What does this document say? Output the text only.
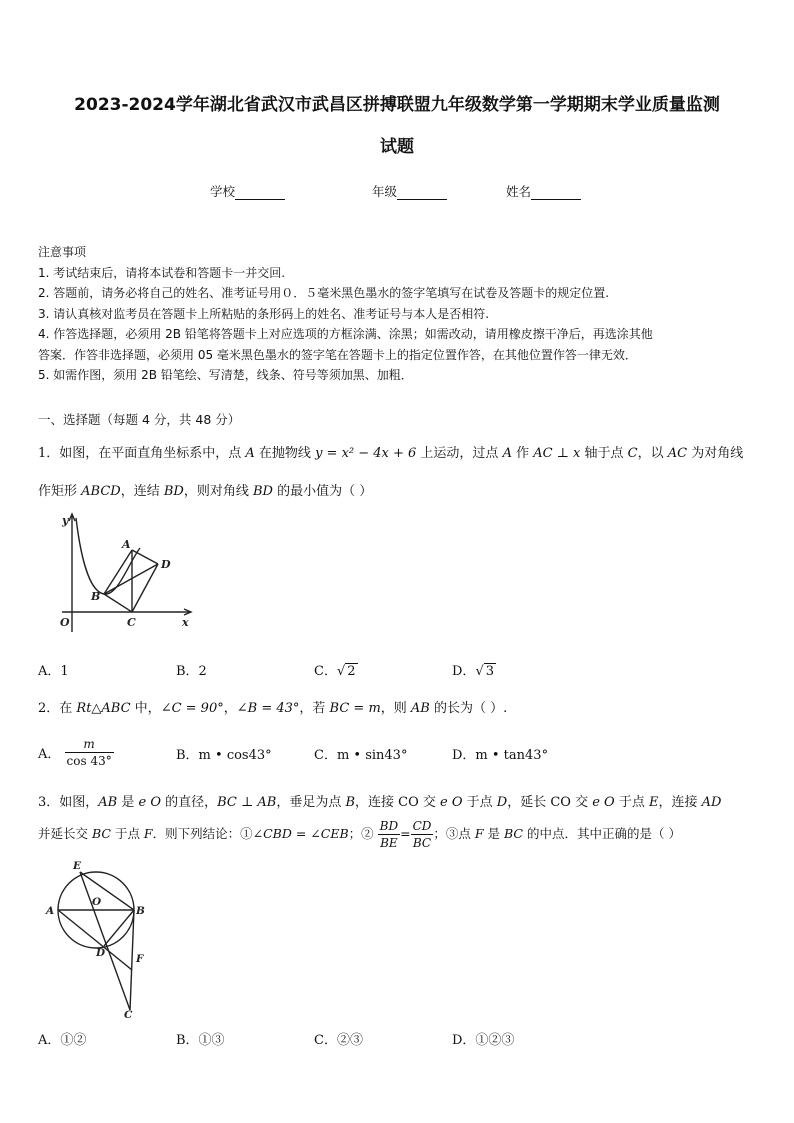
2023-2024学年湖北省武汉市武昌区拼搏联盟九年级数学第一学期期末学业质量监测
试题
学校	年级	姓名
注意事项
1. 考试结束后，请将本试卷和答题卡一并交回.
2. 答题前，请务必将自己的姓名、准考证号用０．５毫米黑色墨水的签字笔填写在试卷及答题卡的规定位置.
3. 请认真核对监考员在答题卡上所粘贴的条形码上的姓名、准考证号与本人是否相符.
4. 作答选择题，必须用 2B 铅笔将答题卡上对应选项的方框涂满、涂黑；如需改动，请用橡皮擦干净后，再选涂其他
答案．作答非选择题，必须用 05 毫米黑色墨水的签字笔在答题卡上的指定位置作答，在其他位置作答一律无效．
5. 如需作图，须用 2B 铅笔绘、写清楚，线条、符号等须加黑、加粗．
一、选择题（每题 4 分，共 48 分）
1．如图，在平面直角坐标系中，点 A 在抛物线 y = x² − 4x + 6 上运动，过点 A 作 AC ⊥ x 轴于点 C，以 AC 为对角线
作矩形 ABCD，连结 BD，则对角线 BD 的最小值为（ ）
y
x
O
A
B
C
D
A．1	B．2	C．√ 2	D．√ 3
2．在 Rt△ABC 中，∠C = 90°，∠B = 43°，若 BC = m，则 AB 的长为（ ）.
A． $\frac{m}{\cos 43^\circ}$	B．m • cos43°	C．m • sin43°	D．m • tan43°
3．如图，AB 是 e O 的直径，BC ⊥ AB，垂足为点 B，连接 CO 交 e O 于点 D，延长 CO 交 e O 于点 E，连接 AD
并延长交 BC 于点 F．则下列结论：①∠CBD = ∠CEB；② $\frac{BD}{BE} = \frac{CD}{BC}$ ；③点 F 是 BC 的中点．其中正确的是（ ）
E
A
O
B
D	F
C
A．①②	B．①③	C．②③	D．①②③
